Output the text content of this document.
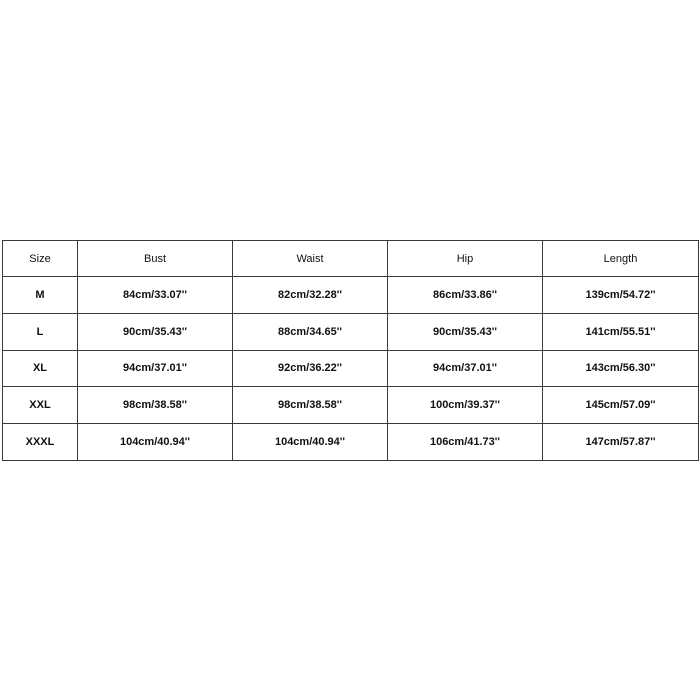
Size	Bust	Waist	Hip	Length
M	84cm/33.07''	82cm/32.28''	86cm/33.86''	139cm/54.72''
L	90cm/35.43''	88cm/34.65''	90cm/35.43''	141cm/55.51''
XL	94cm/37.01''	92cm/36.22''	94cm/37.01''	143cm/56.30''
XXL	98cm/38.58''	98cm/38.58''	100cm/39.37''	145cm/57.09''
XXXL	104cm/40.94''	104cm/40.94''	106cm/41.73''	147cm/57.87''
